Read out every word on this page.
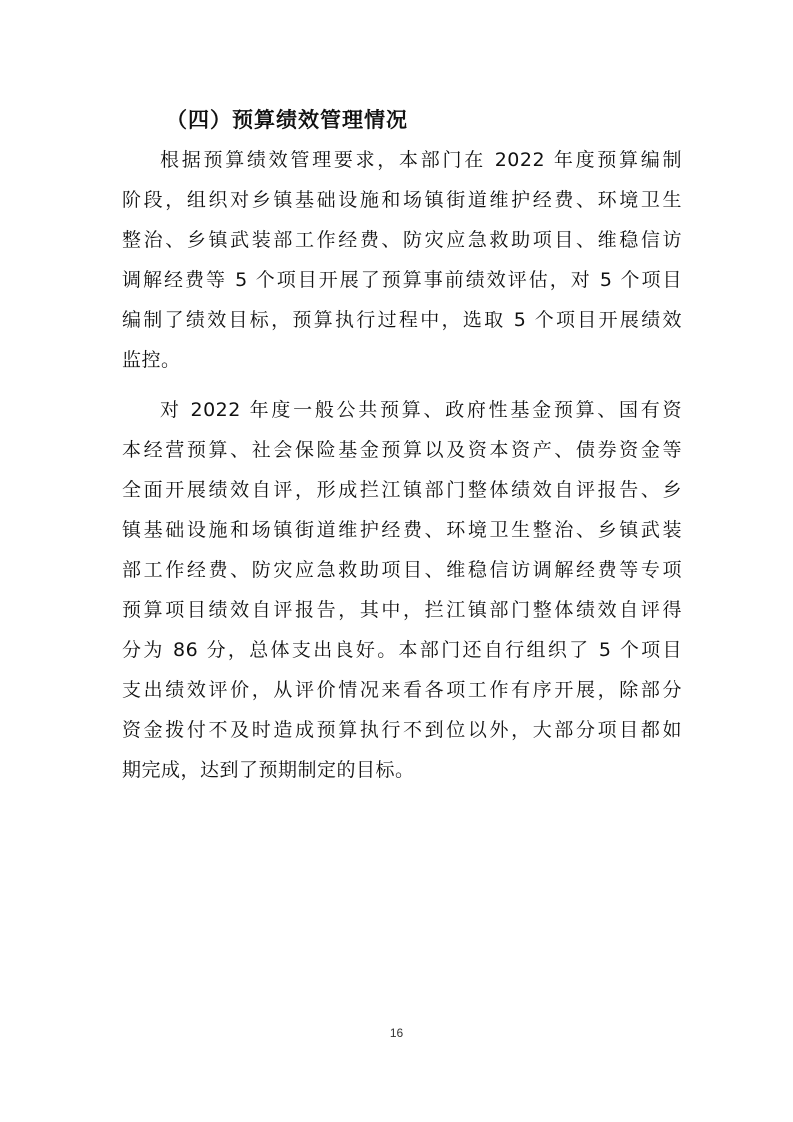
（四）预算绩效管理情况
根据预算绩效管理要求，本部门在 2022 年度预算编制
阶段，组织对乡镇基础设施和场镇街道维护经费、环境卫生
整治、乡镇武装部工作经费、防灾应急救助项目、维稳信访
调解经费等 5 个项目开展了预算事前绩效评估，对 5 个项目
编制了绩效目标，预算执行过程中，选取 5 个项目开展绩效
监控。
对 2022 年度一般公共预算、政府性基金预算、国有资
本经营预算、社会保险基金预算以及资本资产、债券资金等
全面开展绩效自评，形成拦江镇部门整体绩效自评报告、乡
镇基础设施和场镇街道维护经费、环境卫生整治、乡镇武装
部工作经费、防灾应急救助项目、维稳信访调解经费等专项
预算项目绩效自评报告，其中，拦江镇部门整体绩效自评得
分为 86 分，总体支出良好。本部门还自行组织了 5 个项目
支出绩效评价，从评价情况来看各项工作有序开展，除部分
资金拨付不及时造成预算执行不到位以外，大部分项目都如
期完成，达到了预期制定的目标。
16
